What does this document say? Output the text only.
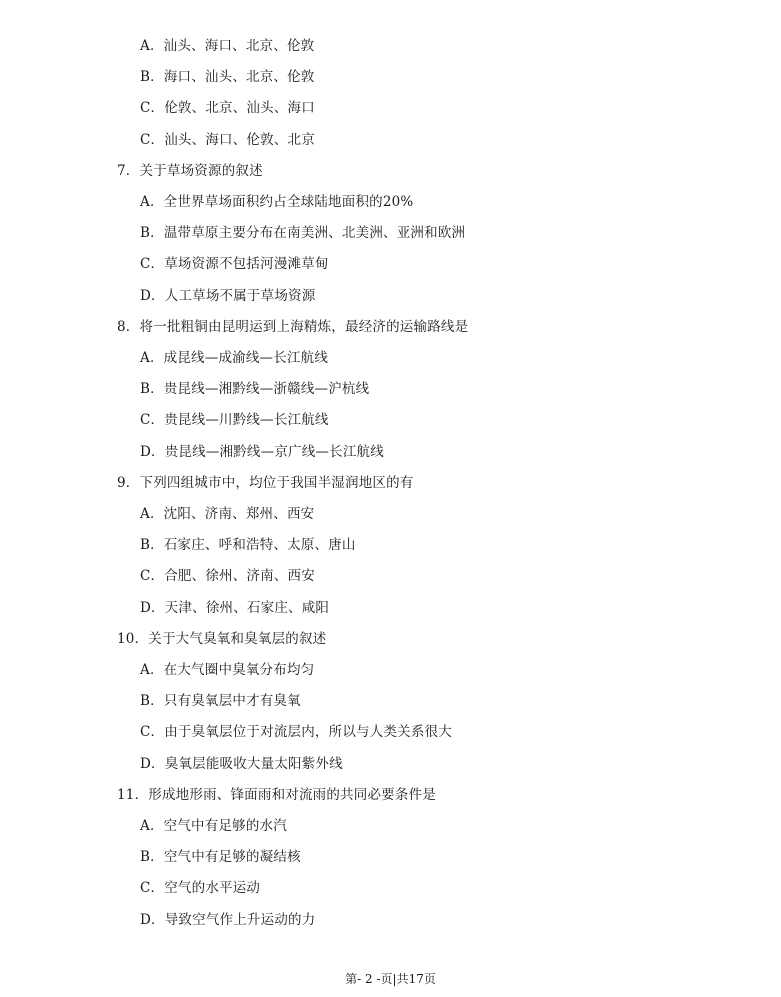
A．汕头、海口、北京、伦敦
B．海口、汕头、北京、伦敦
C．伦敦、北京、汕头、海口
C．汕头、海口、伦敦、北京
7．关于草场资源的叙述
A．全世界草场面积约占全球陆地面积的20%
B．温带草原主要分布在南美洲、北美洲、亚洲和欧洲
C．草场资源不包括河漫滩草甸
D．人工草场不属于草场资源
8．将一批粗铜由昆明运到上海精炼，最经济的运输路线是
A．成昆线—成渝线—长江航线
B．贵昆线—湘黔线—浙赣线—沪杭线
C．贵昆线—川黔线—长江航线
D．贵昆线—湘黔线—京广线—长江航线
9．下列四组城市中，均位于我国半湿润地区的有
A．沈阳、济南、郑州、西安
B．石家庄、呼和浩特、太原、唐山
C．合肥、徐州、济南、西安
D．天津、徐州、石家庄、咸阳
10．关于大气臭氧和臭氧层的叙述
A．在大气圈中臭氧分布均匀
B．只有臭氧层中才有臭氧
C．由于臭氧层位于对流层内，所以与人类关系很大
D．臭氧层能吸收大量太阳紫外线
11．形成地形雨、锋面雨和对流雨的共同必要条件是
A．空气中有足够的水汽
B．空气中有足够的凝结核
C．空气的水平运动
D．导致空气作上升运动的力
第- 2 -页|共17页
